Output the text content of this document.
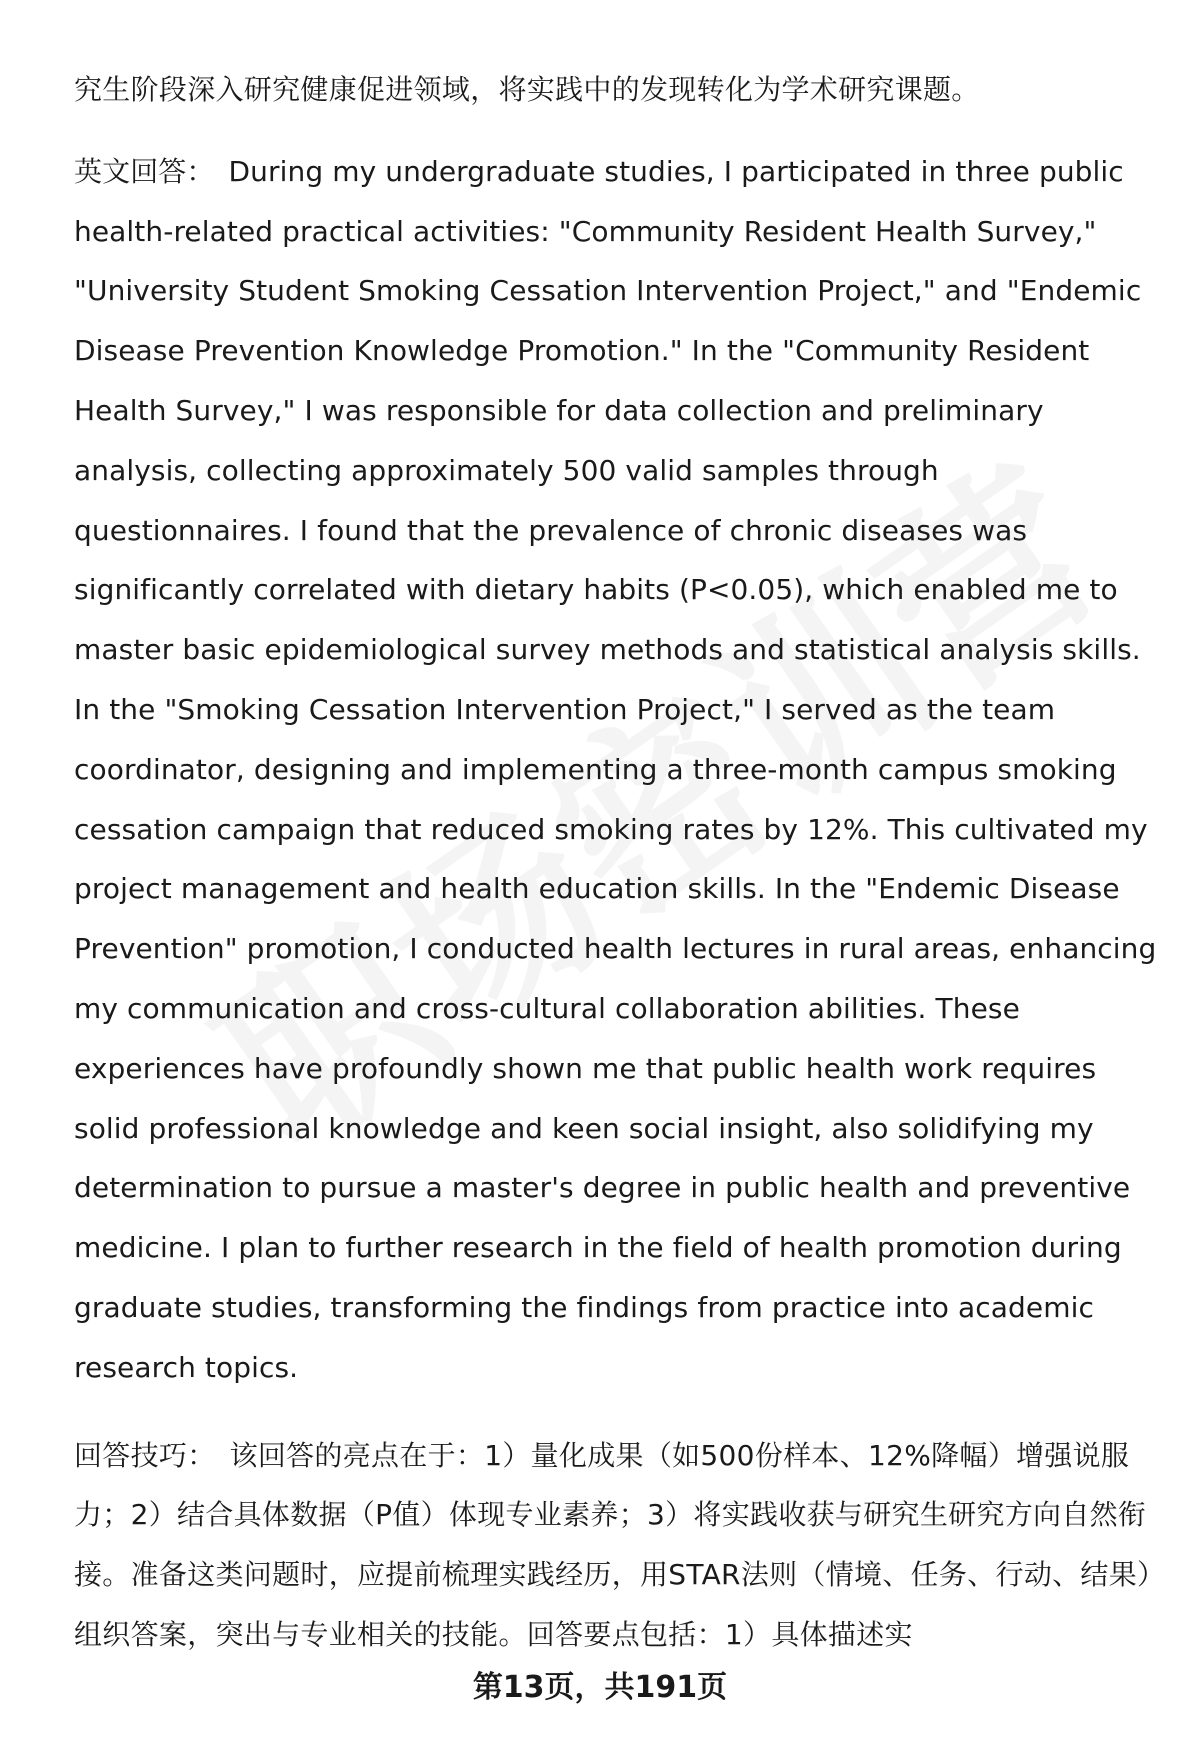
究生阶段深入研究健康促进领域，将实践中的发现转化为学术研究课题。

英文回答： During my undergraduate studies, I participated in three public health-related practical activities: "Community Resident Health Survey," "University Student Smoking Cessation Intervention Project," and "Endemic Disease Prevention Knowledge Promotion." In the "Community Resident Health Survey," I was responsible for data collection and preliminary analysis, collecting approximately 500 valid samples through questionnaires. I found that the prevalence of chronic diseases was significantly correlated with dietary habits (P<0.05), which enabled me to master basic epidemiological survey methods and statistical analysis skills. In the "Smoking Cessation Intervention Project," I served as the team coordinator, designing and implementing a three-month campus smoking cessation campaign that reduced smoking rates by 12%. This cultivated my project management and health education skills. In the "Endemic Disease Prevention" promotion, I conducted health lectures in rural areas, enhancing my communication and cross-cultural collaboration abilities. These experiences have profoundly shown me that public health work requires solid professional knowledge and keen social insight, also solidifying my determination to pursue a master's degree in public health and preventive medicine. I plan to further research in the field of health promotion during graduate studies, transforming the findings from practice into academic research topics.

回答技巧： 该回答的亮点在于：1）量化成果（如500份样本、12%降幅）增强说服力；2）结合具体数据（P值）体现专业素养；3）将实践收获与研究生研究方向自然衔接。准备这类问题时，应提前梳理实践经历，用STAR法则（情境、任务、行动、结果）组织答案，突出与专业相关的技能。回答要点包括：1）具体描述实

第13页，共191页
